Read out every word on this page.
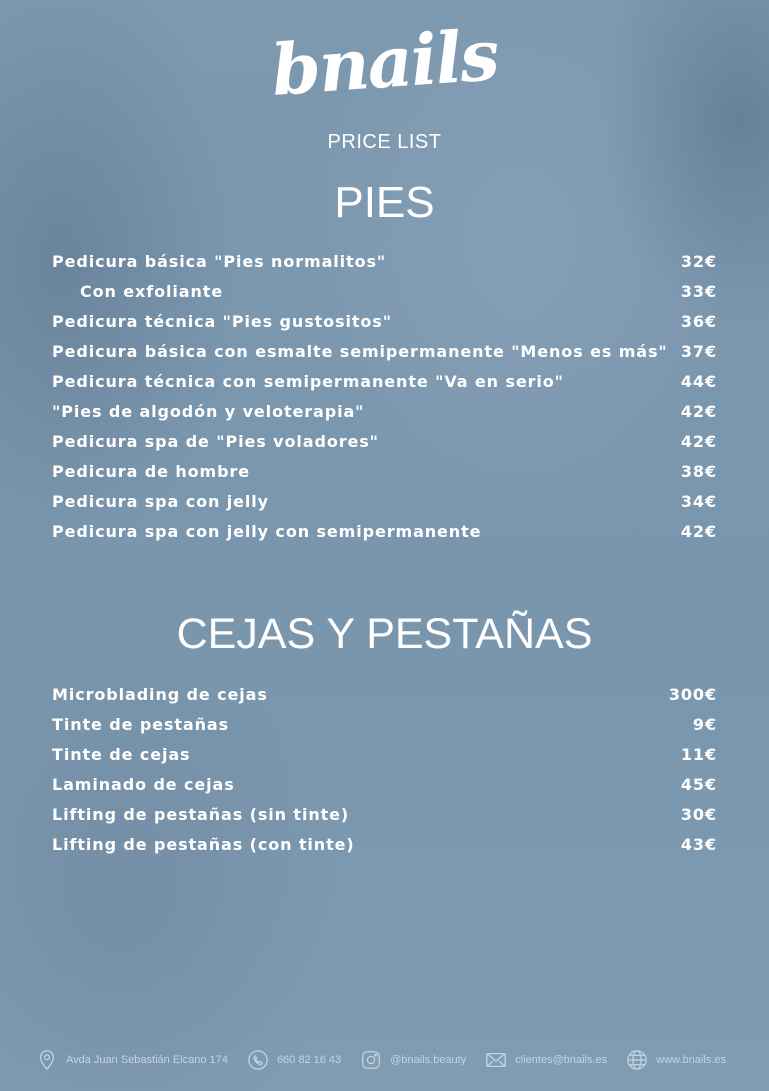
bnails
PRICE LIST
PIES
Pedicura básica "Pies normalitos"	32€
Con exfoliante	33€
Pedicura técnica "Pies gustositos"	36€
Pedicura básica con esmalte semipermanente "Menos es más" 37€
Pedicura técnica con semipermanente "Va en serio"	44€
"Pies de algodón y veloterapia"	42€
Pedicura spa de "Pies voladores"	42€
Pedicura de hombre	38€
Pedicura spa con jelly	34€
Pedicura spa con jelly con semipermanente	42€
CEJAS Y PESTAÑAS
Microblading de cejas	300€
Tinte de pestañas	9€
Tinte de cejas	11€
Laminado de cejas	45€
Lifting de pestañas (sin tinte)	30€
Lifting de pestañas (con tinte)	43€
Avda Juan Sebastián Elcano 174	660 82 16 43	@bnails.beauty	clientes@bnails.es	www.bnails.es
